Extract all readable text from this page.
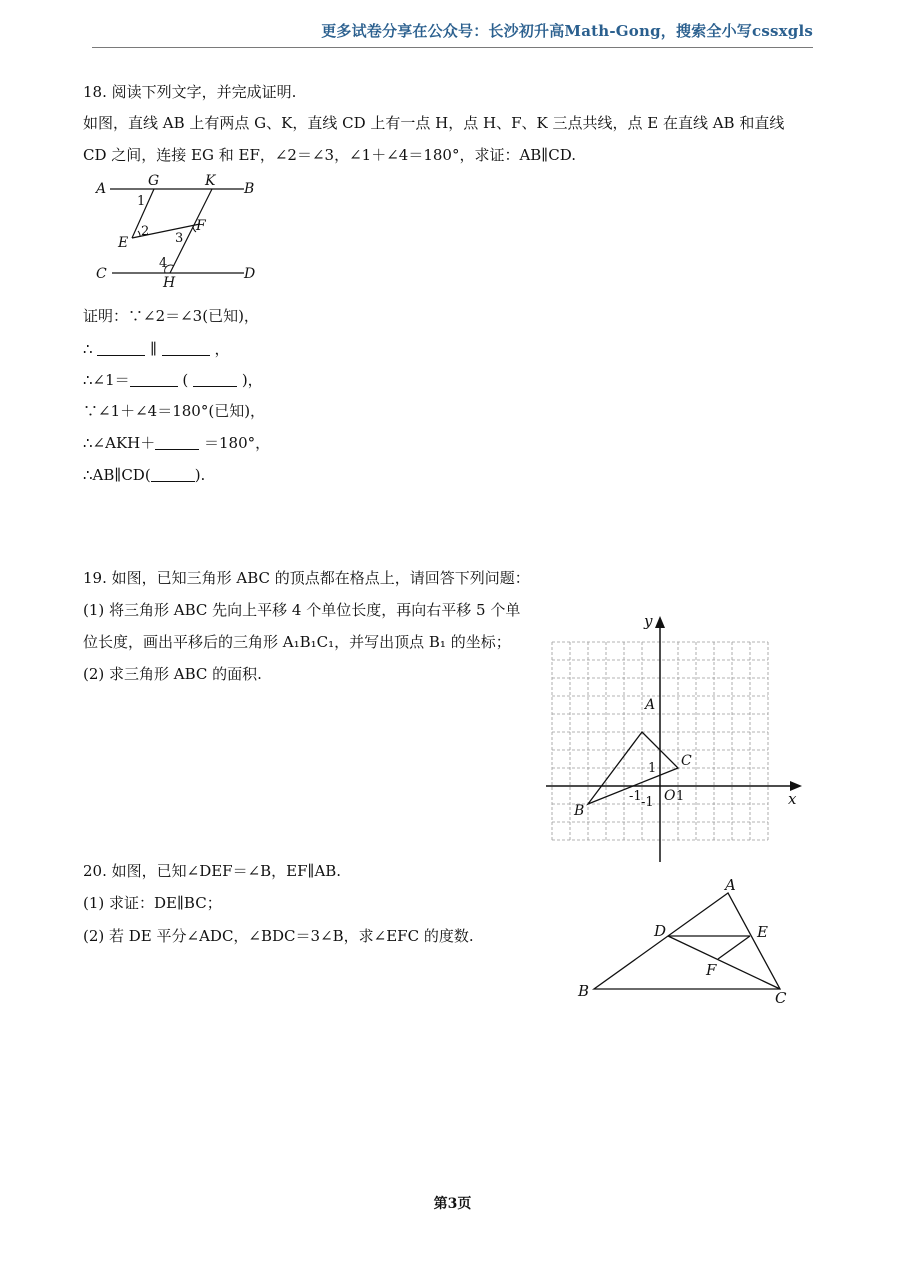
更多试卷分享在公众号：长沙初升高Math-Gong，搜索全小写cssxgls
18. 阅读下列文字，并完成证明.
如图，直线 AB 上有两点 G、K，直线 CD 上有一点 H，点 H、F、K 三点共线，点 E 在直线 AB 和直线
CD 之间，连接 EG 和 EF，∠2＝∠3，∠1＋∠4＝180°，求证：AB∥CD.
A	G	K B
1
2 3
E
F
C
4
H
D
证明：∵∠2＝∠3(已知)，
∴	∥	，
∴∠1＝	(	)，
∵∠1＋∠4＝180°(已知)，
∴∠AKH＋	＝180°，
∴AB∥CD(	).
19. 如图，已知三角形 ABC 的顶点都在格点上，请回答下列问题：
(1) 将三角形 ABC 先向上平移 4 个单位长度，再向右平移 5 个单
位长度，画出平移后的三角形 A₁B₁C₁，并写出顶点 B₁ 的坐标；
(2) 求三角形 ABC 的面积.
y
x
O 1
1
-1 -1
A
B
C
20. 如图，已知∠DEF＝∠B，EF∥AB.
(1) 求证：DE∥BC；
(2) 若 DE 平分∠ADC，∠BDC＝3∠B，求∠EFC 的度数.
A
D	E
F
B	C
第3页
